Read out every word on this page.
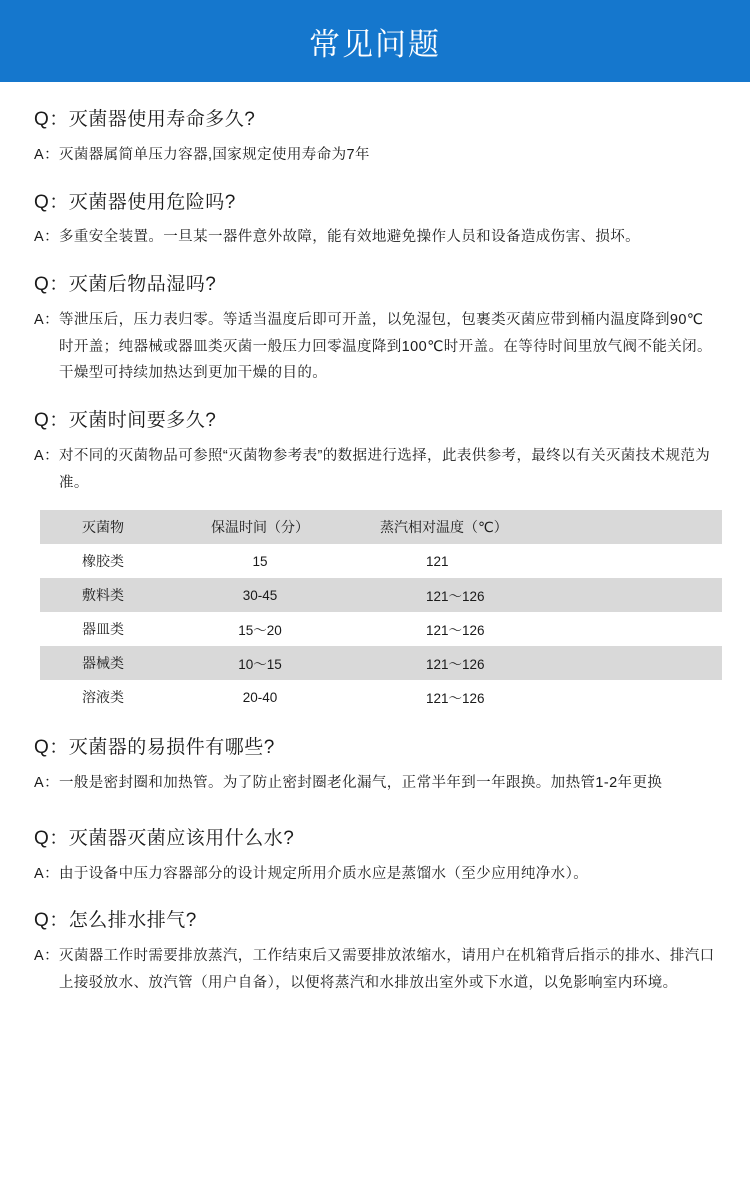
常见问题
Q：灭菌器使用寿命多久?
A： 灭菌器属简单压力容器,国家规定使用寿命为7年
Q：灭菌器使用危险吗?
A： 多重安全装置。一旦某一器件意外故障，能有效地避免操作人员和设备造成伤害、损坏。
Q：灭菌后物品湿吗?
A： 等泄压后，压力表归零。等适当温度后即可开盖，以免湿包，包裹类灭菌应带到桶内温度降到90℃时开盖；纯器械或器皿类灭菌一般压力回零温度降到100℃时开盖。在等待时间里放气阀不能关闭。干燥型可持续加热达到更加干燥的目的。
Q：灭菌时间要多久?
A： 对不同的灭菌物品可参照“灭菌物参考表”的数据进行选择，此表供参考，最终以有关灭菌技术规范为准。
灭菌物	保温时间（分）	蒸汽相对温度（℃）
橡胶类	15	121
敷料类	30-45	121～126
器皿类	15～20	121～126
器械类	10～15	121～126
溶液类	20-40	121～126
Q：灭菌器的易损件有哪些?
A： 一般是密封圈和加热管。为了防止密封圈老化漏气，正常半年到一年跟换。加热管1-2年更换
Q：灭菌器灭菌应该用什么水?
A： 由于设备中压力容器部分的设计规定所用介质水应是蒸馏水（至少应用纯净水）。
Q：怎么排水排气?
A： 灭菌器工作时需要排放蒸汽，工作结束后又需要排放浓缩水，请用户在机箱背后指示的排水、排汽口上接驳放水、放汽管（用户自备），以便将蒸汽和水排放出室外或下水道，以免影响室内环境。
